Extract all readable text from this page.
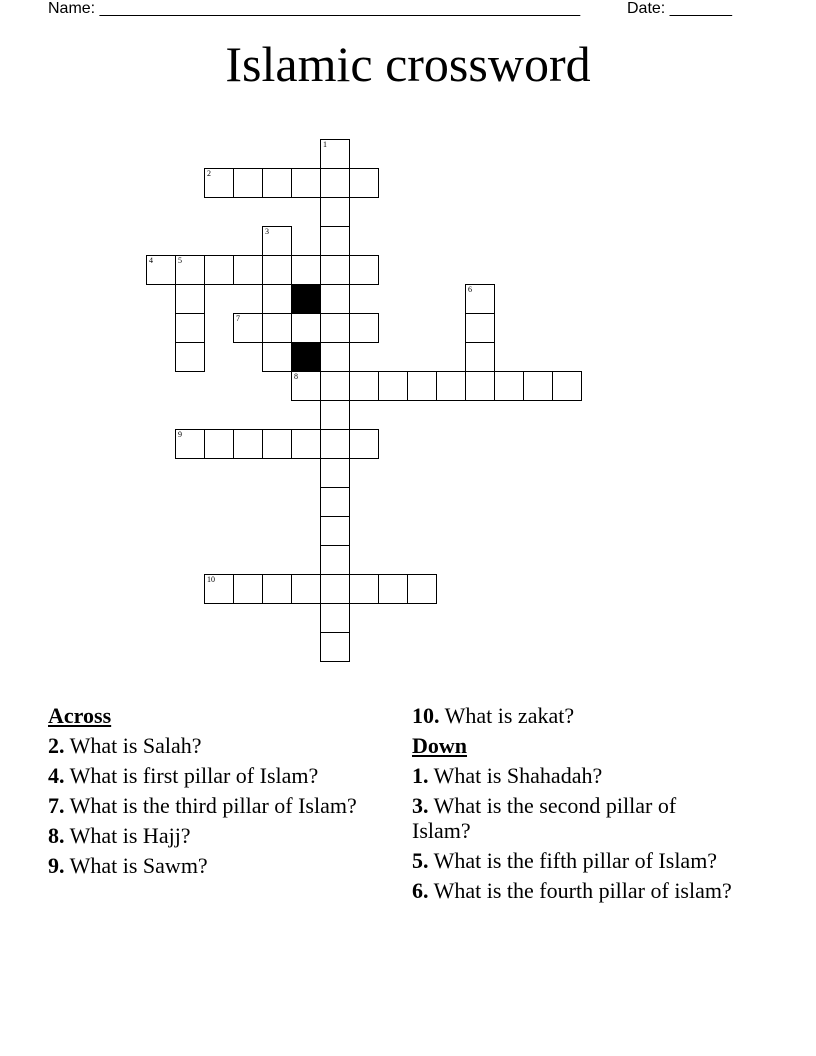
Name: ______________________________________________________	Date: _______
Islamic crossword
1
2
3
4	5
6
7
8
9
10
Across
2. What is Salah?
4. What is first pillar of Islam?
7. What is the third pillar of Islam?
8. What is Hajj?
9. What is Sawm?
10. What is zakat?
Down
1. What is Shahadah?
3. What is the second pillar of Islam?
5. What is the fifth pillar of Islam?
6. What is the fourth pillar of islam?
